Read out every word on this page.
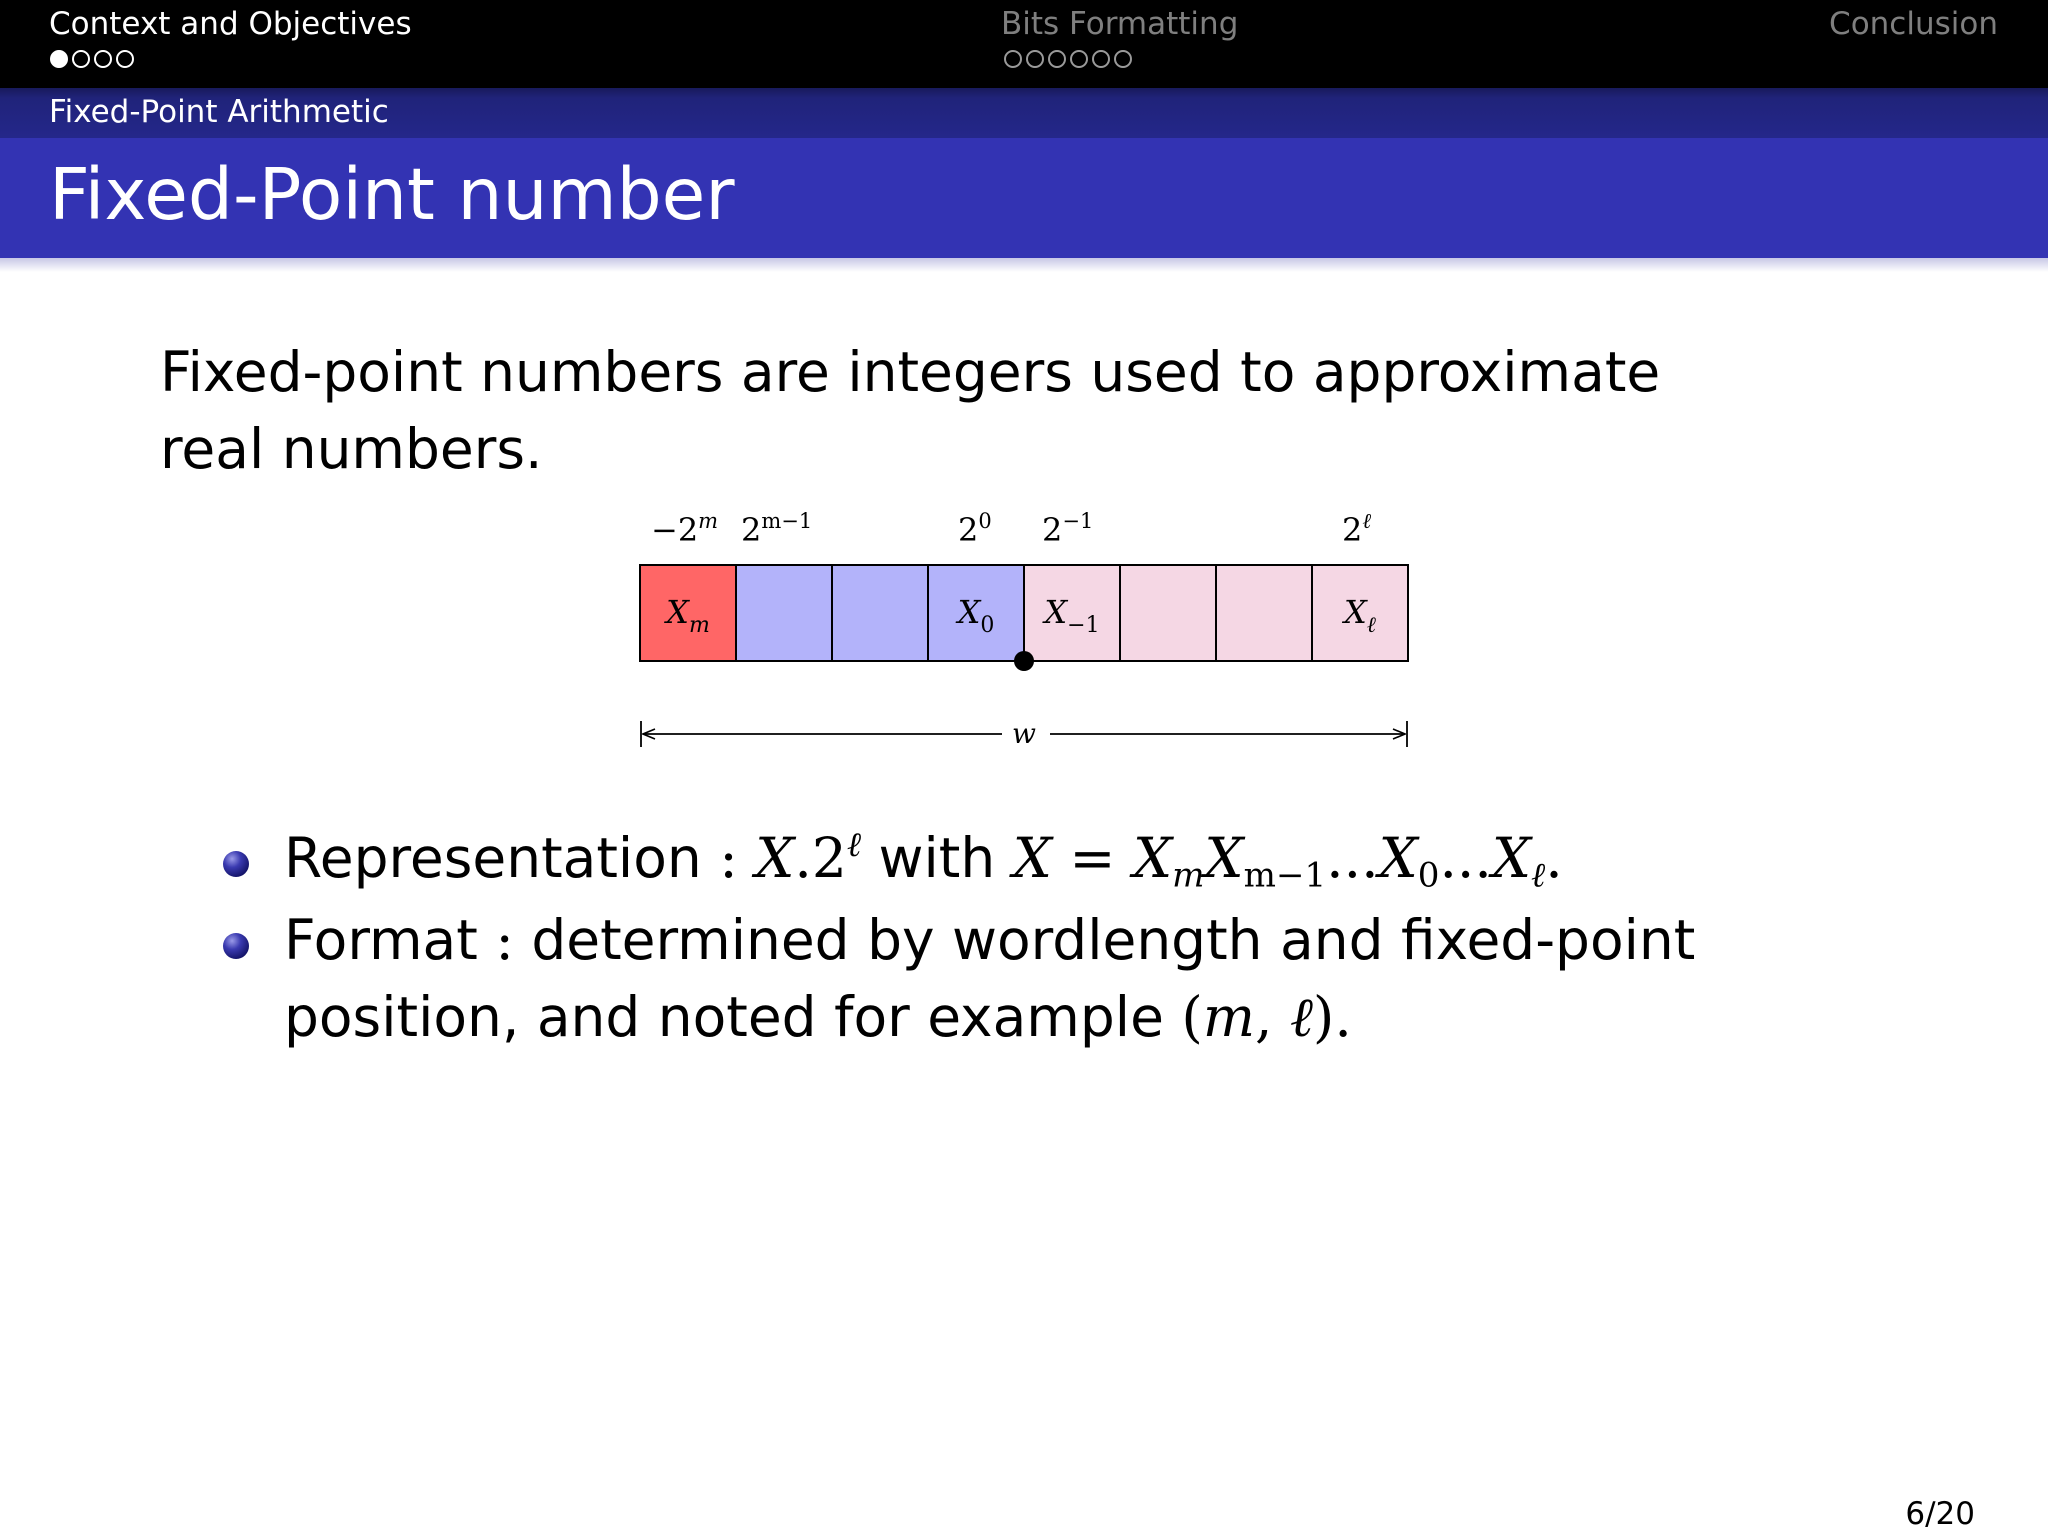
Context and Objectives	Bits Formatting	Conclusion
Fixed-Point Arithmetic
Fixed-Point number
Fixed-point numbers are integers used to approximate real numbers.
$-2^m$ $2^{m-1}$	$2^0$ $2^{-1}$	$2^\ell$
$X_m$	$X_0$ $X_{-1}$	$X_\ell$
w
Representation : $X.2^\ell$ with $X = X_mX_{m-1}...X_0...X_\ell$.
Format : determined by wordlength and fixed-point position, and noted for example (m, ℓ).
6/20
